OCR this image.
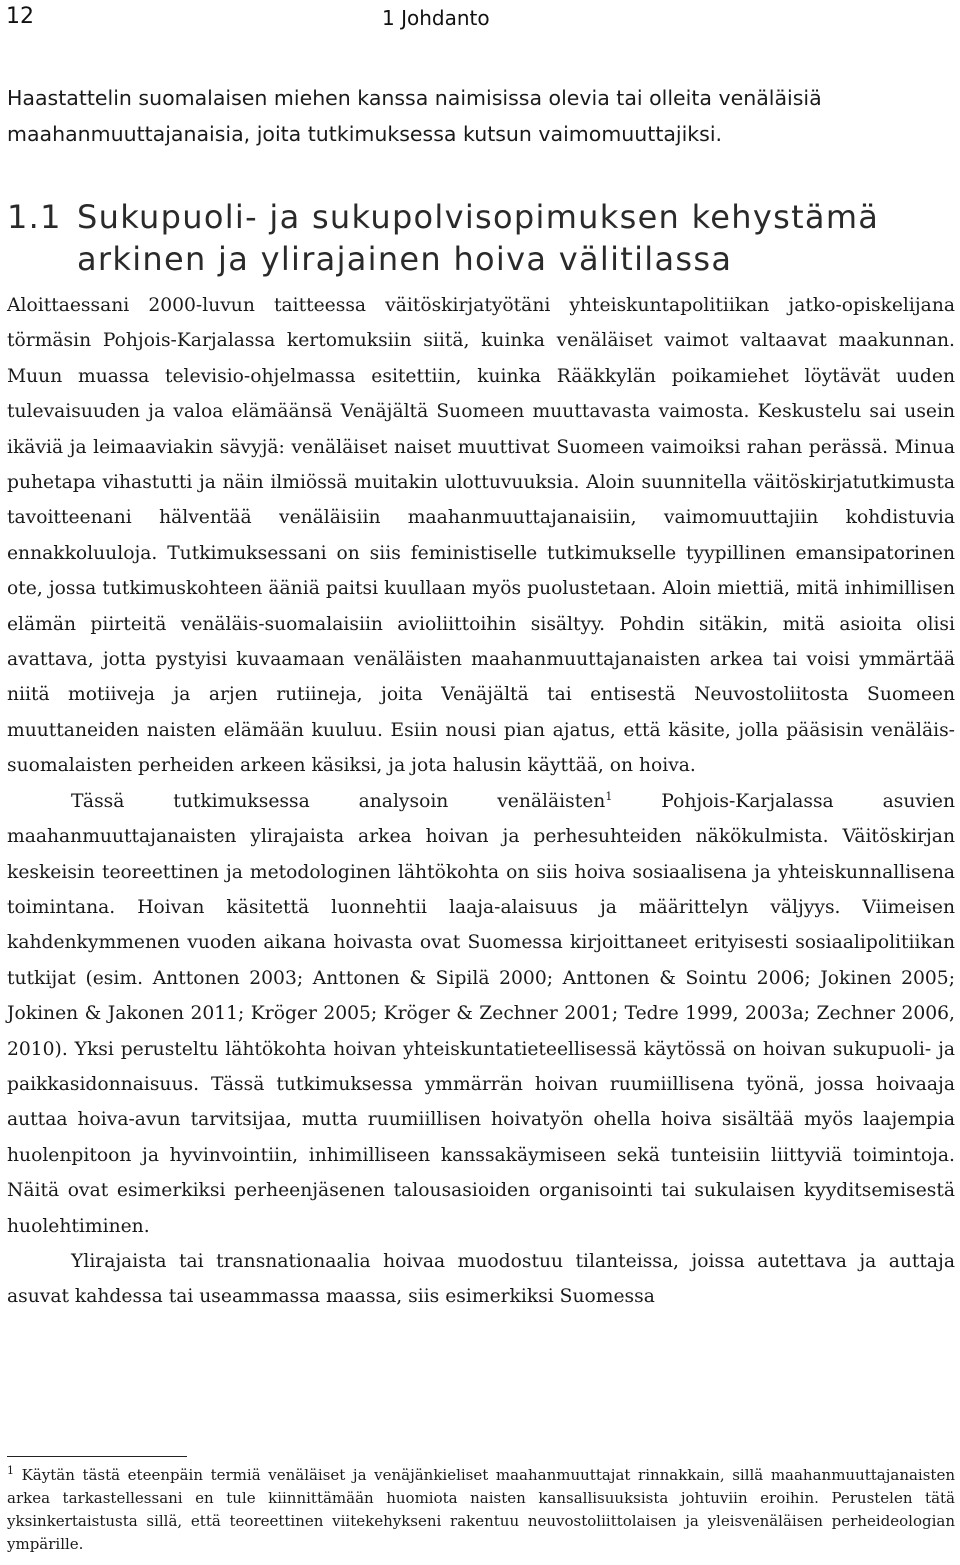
12	1 Johdanto

Haastattelin suomalaisen miehen kanssa naimisissa olevia tai olleita venäläisiä maahanmuuttajanaisia, joita tutkimuksessa kutsun vaimomuuttajiksi.

1.1 Sukupuoli- ja sukupolvisopimuksen kehystämä
arkinen ja ylirajainen hoiva välitilassa

Aloittaessani 2000-luvun taitteessa väitöskirjatyötäni yhteiskuntapolitiikan jatko-opiskelijana törmäsin Pohjois-Karjalassa kertomuksiin siitä, kuinka venäläiset vaimot valtaavat maakunnan. Muun muassa televisio-ohjelmassa esitettiin, kuinka Rääkkylän poikamiehet löytävät uuden tulevaisuuden ja valoa elämäänsä Venäjältä Suomeen muuttavasta vaimosta. Keskustelu sai usein ikäviä ja leimaaviakin sävyjä: venäläiset naiset muuttivat Suomeen vaimoiksi rahan perässä. Minua puhetapa vihastutti ja näin ilmiössä muitakin ulottuvuuksia. Aloin suunnitella väitöskirjatutkimusta tavoitteenani hälventää venäläisiin maahanmuuttajanaisiin, vaimomuuttajiin kohdistuvia ennakkoluuloja. Tutkimuksessani on siis feministiselle tutkimukselle tyypillinen emansipatorinen ote, jossa tutkimuskohteen ääniä paitsi kuullaan myös puolustetaan. Aloin miettiä, mitä inhimillisen elämän piirteitä venäläis-suomalaisiin avioliittoihin sisältyy. Pohdin sitäkin, mitä asioita olisi avattava, jotta pystyisi kuvaamaan venäläisten maahanmuuttajanaisten arkea tai voisi ymmärtää niitä motiiveja ja arjen rutiineja, joita Venäjältä tai entisestä Neuvostoliitosta Suomeen muuttaneiden naisten elämään kuuluu. Esiin nousi pian ajatus, että käsite, jolla pääsisin venäläis-suomalaisten perheiden arkeen käsiksi, ja jota halusin käyttää, on hoiva.

Tässä tutkimuksessa analysoin venäläisten$^1$ Pohjois-Karjalassa asuvien maahanmuuttajanaisten ylirajaista arkea hoivan ja perhesuhteiden näkökulmista. Väitöskirjan keskeisin teoreettinen ja metodologinen lähtökohta on siis hoiva sosiaalisena ja yhteiskunnallisena toimintana. Hoivan käsitettä luonnehtii laaja-alaisuus ja määrittelyn väljyys. Viimeisen kahdenkymmenen vuoden aikana hoivasta ovat Suomessa kirjoittaneet erityisesti sosiaalipolitiikan tutkijat (esim. Anttonen 2003; Anttonen & Sipilä 2000; Anttonen & Sointu 2006; Jokinen 2005; Jokinen & Jakonen 2011; Kröger 2005; Kröger & Zechner 2001; Tedre 1999, 2003a; Zechner 2006, 2010). Yksi perusteltu lähtökohta hoivan yhteiskuntatieteellisessä käytössä on hoivan sukupuoli- ja paikkasidonnaisuus. Tässä tutkimuksessa ymmärrän hoivan ruumiillisena työnä, jossa hoivaaja auttaa hoiva-avun tarvitsijaa, mutta ruumiillisen hoivatyön ohella hoiva sisältää myös laajempia huolenpitoon ja hyvinvointiin, inhimilliseen kanssakäymiseen sekä tunteisiin liittyviä toimintoja. Näitä ovat esimerkiksi perheenjäsenen talousasioiden organisointi tai sukulaisen kyyditsemisestä huolehtiminen.

Ylirajaista tai transnationaalia hoivaa muodostuu tilanteissa, joissa autettava ja auttaja asuvat kahdessa tai useammassa maassa, siis esimerkiksi Suomessa

$^1$ Käytän tästä eteenpäin termiä venäläiset ja venäjänkieliset maahanmuuttajat rinnakkain, sillä maahanmuuttajanaisten arkea tarkastellessani en tule kiinnittämään huomiota naisten kansallisuuksista johtuviin eroihin. Perustelen tätä yksinkertaistusta sillä, että teoreettinen viitekehykseni rakentuu neuvostoliittolaisen ja yleisvenäläisen perheideologian ympärille.
